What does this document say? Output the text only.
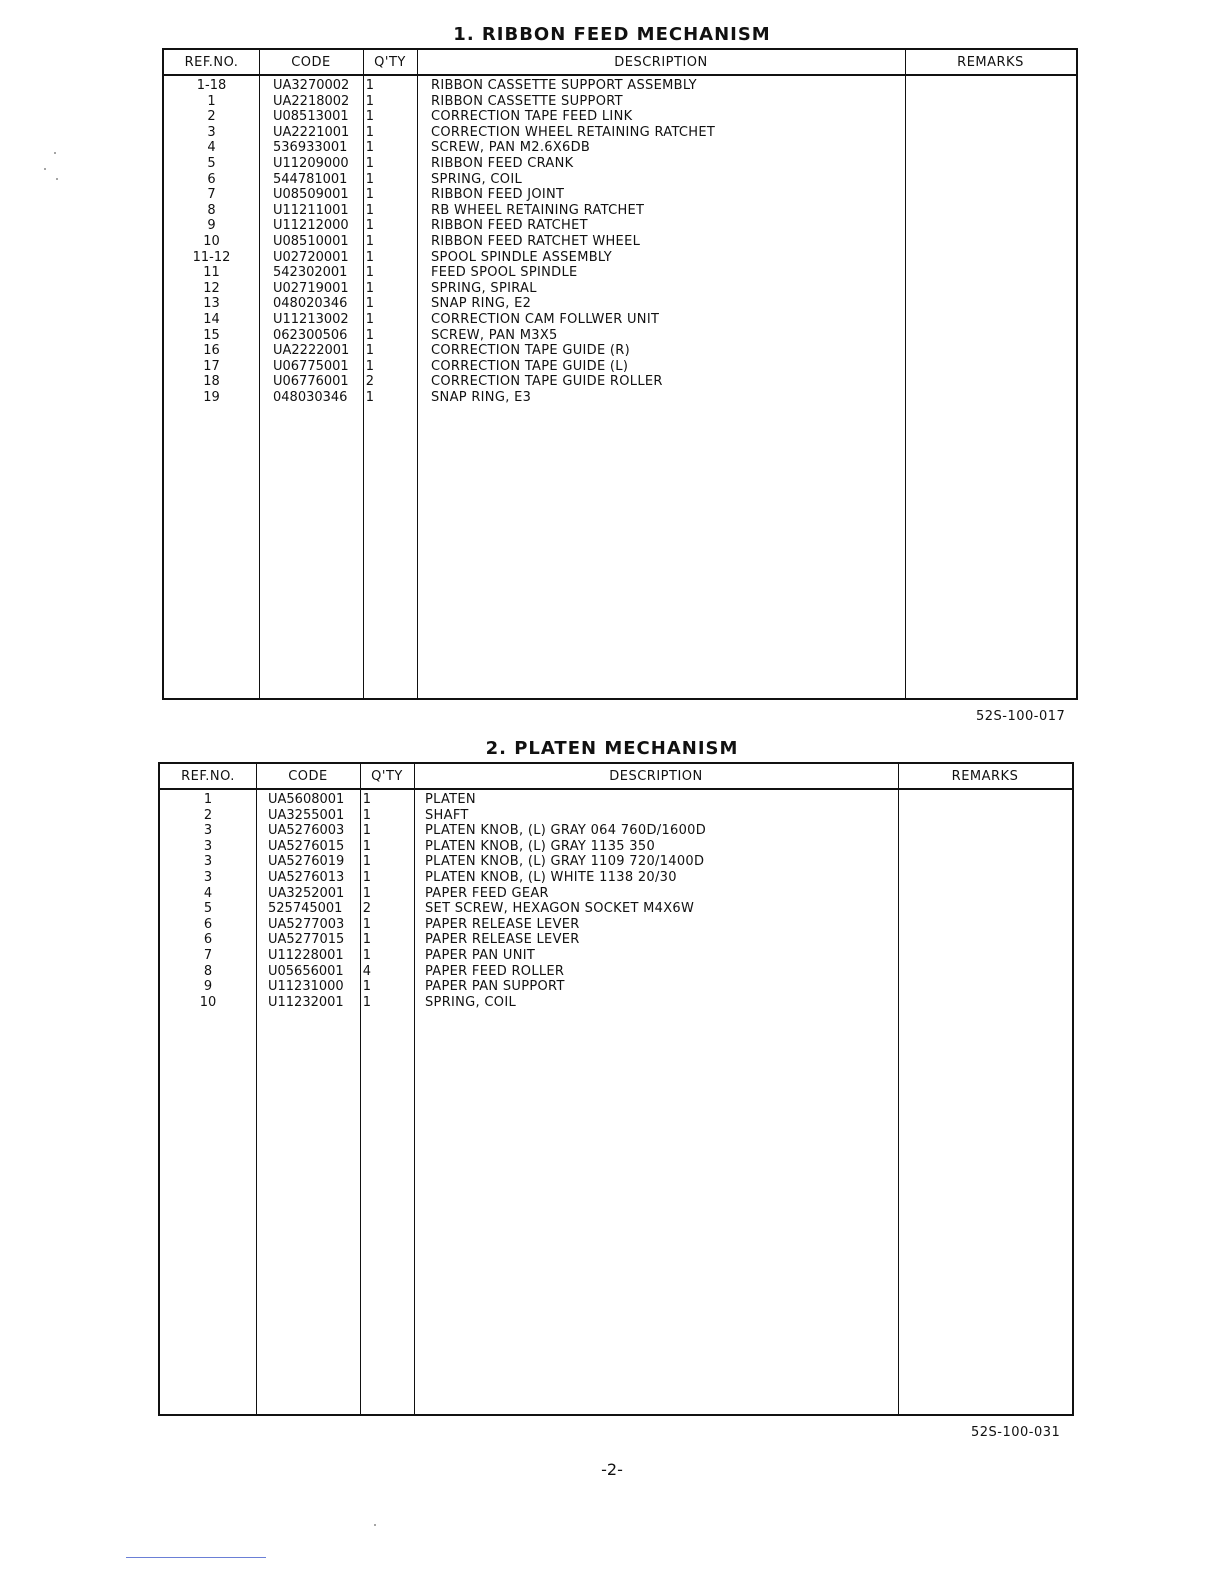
1. RIBBON FEED MECHANISM
REF.NO.	CODE	Q'TY	DESCRIPTION	REMARKS
1-18	UA3270002	1	RIBBON CASSETTE SUPPORT ASSEMBLY
1	UA2218002	1	RIBBON CASSETTE SUPPORT
2	U08513001	1	CORRECTION TAPE FEED LINK
3	UA2221001	1	CORRECTION WHEEL RETAINING RATCHET
4	536933001	1	SCREW, PAN M2.6X6DB
5	U11209000	1	RIBBON FEED CRANK
6	544781001	1	SPRING, COIL
7	U08509001	1	RIBBON FEED JOINT
8	U11211001	1	RB WHEEL RETAINING RATCHET
9	U11212000	1	RIBBON FEED RATCHET
10	U08510001	1	RIBBON FEED RATCHET WHEEL
11-12	U02720001	1	SPOOL SPINDLE ASSEMBLY
11	542302001	1	FEED SPOOL SPINDLE
12	U02719001	1	SPRING, SPIRAL
13	048020346	1	SNAP RING, E2
14	U11213002	1	CORRECTION CAM FOLLWER UNIT
15	062300506	1	SCREW, PAN M3X5
16	UA2222001	1	CORRECTION TAPE GUIDE (R)
17	U06775001	1	CORRECTION TAPE GUIDE (L)
18	U06776001	2	CORRECTION TAPE GUIDE ROLLER
19	048030346	1	SNAP RING, E3
52S-100-017
2. PLATEN MECHANISM
REF.NO.	CODE	Q'TY	DESCRIPTION	REMARKS
1	UA5608001	1	PLATEN
2	UA3255001	1	SHAFT
3	UA5276003	1	PLATEN KNOB, (L) GRAY 064 760D/1600D
3	UA5276015	1	PLATEN KNOB, (L) GRAY 1135 350
3	UA5276019	1	PLATEN KNOB, (L) GRAY 1109 720/1400D
3	UA5276013	1	PLATEN KNOB, (L) WHITE 1138 20/30
4	UA3252001	1	PAPER FEED GEAR
5	525745001	2	SET SCREW, HEXAGON SOCKET M4X6W
6	UA5277003	1	PAPER RELEASE LEVER
6	UA5277015	1	PAPER RELEASE LEVER
7	U11228001	1	PAPER PAN UNIT
8	U05656001	4	PAPER FEED ROLLER
9	U11231000	1	PAPER PAN SUPPORT
10	U11232001	1	SPRING, COIL
52S-100-031
-2-
